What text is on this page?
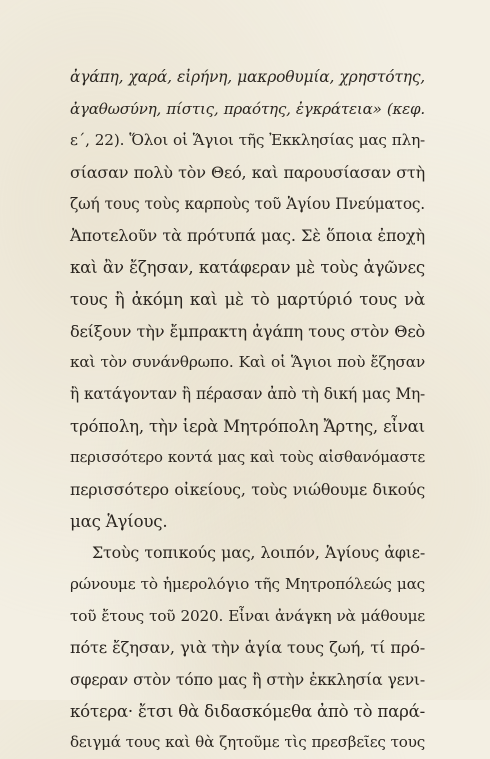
ἀγάπη, χαρά, εἰρήνη, μακροθυμία, χρηστότης,
ἀγαθωσύνη, πίστις, πραότης, ἐγκράτεια» (κεφ.
ε΄, 22). Ὅλοι οἱ Ἅγιοι τῆς Ἐκκλησίας μας πλη-
σίασαν πολὺ τὸν Θεό, καὶ παρουσίασαν στὴ
ζωή τους τοὺς καρποὺς τοῦ Ἁγίου Πνεύματος.
Ἀποτελοῦν τὰ πρότυπά μας. Σὲ ὅποια ἐποχὴ
καὶ ἂν ἔζησαν, κατάφεραν μὲ τοὺς ἀγῶνες
τους ἢ ἀκόμη καὶ μὲ τὸ μαρτύριό τους νὰ
δείξουν τὴν ἔμπρακτη ἀγάπη τους στὸν Θεὸ
καὶ τὸν συνάνθρωπο. Καὶ οἱ Ἅγιοι ποὺ ἔζησαν
ἢ κατάγονταν ἢ πέρασαν ἀπὸ τὴ δική μας Μη-
τρόπολη, τὴν ἱερὰ Μητρόπολη Ἄρτης, εἶναι
περισσότερο κοντά μας καὶ τοὺς αἰσθανόμαστε
περισσότερο οἰκείους, τοὺς νιώθουμε δικούς
μας Ἁγίους.
Στοὺς τοπικούς μας, λοιπόν, Ἁγίους ἀφιε-
ρώνουμε τὸ ἡμερολόγιο τῆς Μητροπόλεώς μας
τοῦ ἔτους τοῦ 2020. Εἶναι ἀνάγκη νὰ μάθουμε
πότε ἔζησαν, γιὰ τὴν ἁγία τους ζωή, τί πρό-
σφεραν στὸν τόπο μας ἢ στὴν ἐκκλησία γενι-
κότερα· ἔτσι θὰ διδασκόμεθα ἀπὸ τὸ παρά-
δειγμά τους καὶ θὰ ζητοῦμε τὶς πρεσβεῖες τους
